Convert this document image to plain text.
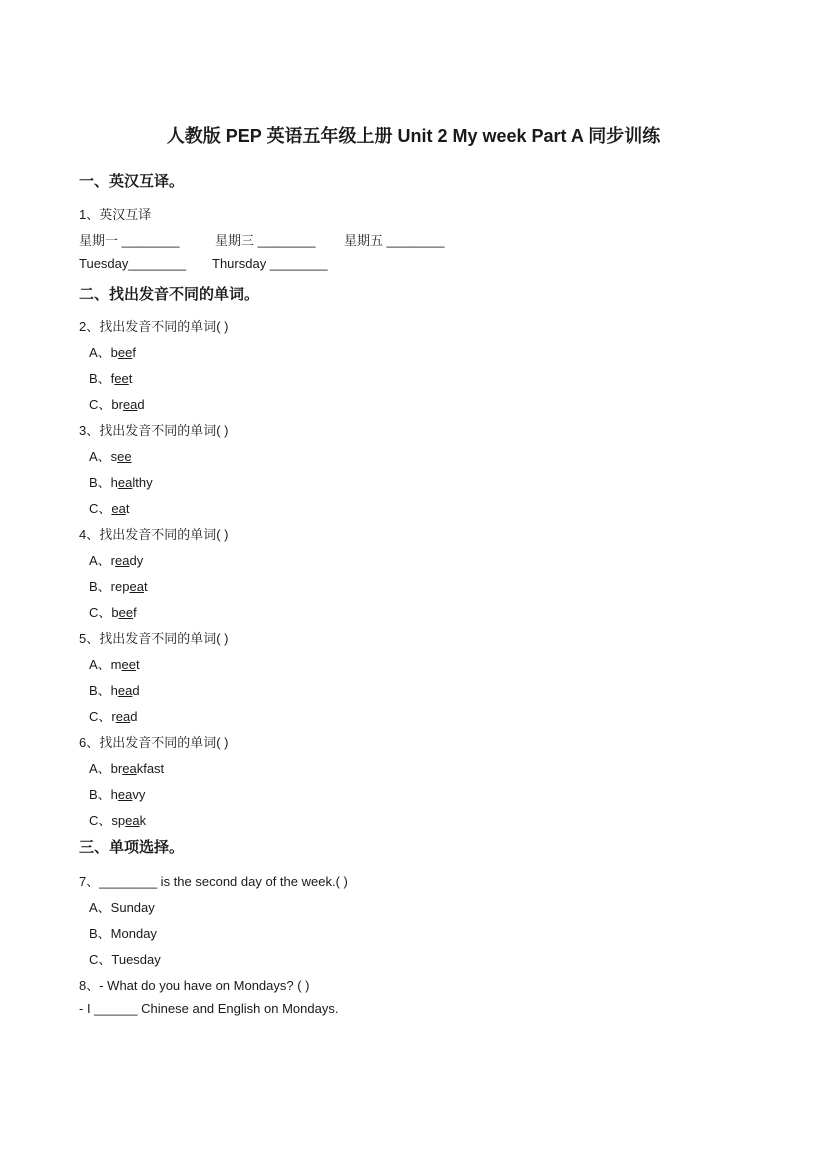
人教版 PEP 英语五年级上册 Unit 2 My week Part A 同步训练
一、英汉互译。
1、英汉互译
星期一 ________	星期三 ________ 星期五 ________
Tuesday________ Thursday ________
二、找出发音不同的单词。
2、找出发音不同的单词( )
A、beef
B、feet
C、bread
3、找出发音不同的单词( )
A、see
B、healthy
C、eat
4、找出发音不同的单词( )
A、ready
B、repeat
C、beef
5、找出发音不同的单词( )
A、meet
B、head
C、read
6、找出发音不同的单词( )
A、breakfast
B、heavy
C、speak
三、单项选择。
7、________ is the second day of the week.( )
A、Sunday
B、Monday
C、Tuesday
8、- What do you have on Mondays? ( )
- I ______ Chinese and English on Mondays.
